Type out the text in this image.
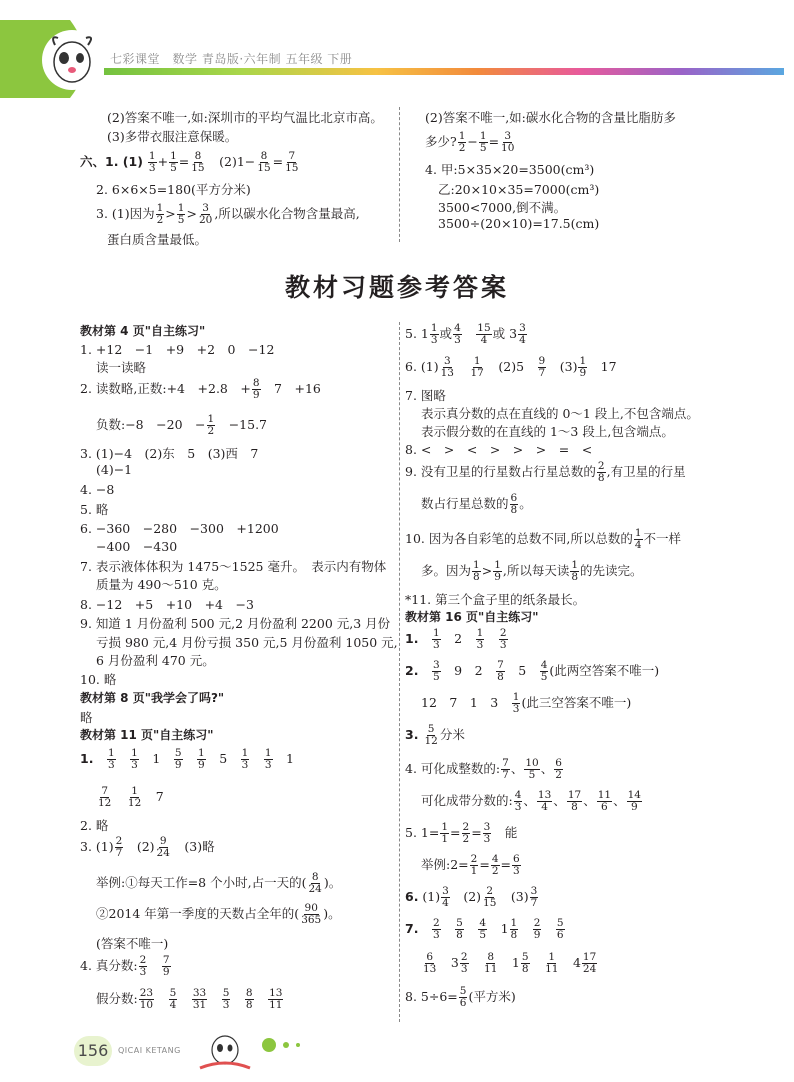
七彩课堂　数学 青岛版·六年制 五年级 下册
(2)答案不唯一,如:深圳市的平均气温比北京市高。
(3)多带衣服注意保暖。
六、1. $(1) \frac{1}{3} + \frac{1}{5} = \frac{8}{15}$ 　$(2)1- \frac{8}{15} = \frac{7}{15}$
2. 6×6×5=180(平方分米)
3. (1)因为 $\frac{1}{2} > \frac{1}{5} > \frac{3}{20}$ ,所以碳水化合物含量最高,
蛋白质含量最低。
(2)答案不唯一,如:碳水化合物的含量比脂肪多
多少? $\frac{1}{2} - \frac{1}{5} = \frac{3}{10}$
4. 甲:5×35×20=3500(cm³)
乙:20×10×35=7000(cm³)
3500<7000,倒不满。
3500÷(20×10)=17.5(cm)
教材习题参考答案
教材第 4 页"自主练习"
1. +12　−1　+9　+2　0　−12
读一读略
2. 读数略,正数:+4　+2.8　+ $\frac{8}{9}$
　 7　+16
负数:−8　−20　− $\frac{1}{2}$
　 −15.7
3. (1)−4　(2)东　5　(3)西　7
(4)−1
4. −8
5. 略
6. −360　−280　−300　+1200
−400　−430
7. 表示液体体积为 1475～1525 毫升。　表示内有物体
质量为 490～510 克。
8. −12　+5　+10　+4　−3
9. 知道 1 月份盈利 500 元,2 月份盈利 2200 元,3 月份
亏损 980 元,4 月份亏损 350 元,5 月份盈利 1050 元,
6 月份盈利 470 元。
10. 略
教材第 8 页"我学会了吗?"
略
教材第 11 页"自主练习"
1.　 $\frac{1}{3}$
　 $\frac{1}{3}$ 　1　 $\frac{5}{9}$
　 $\frac{1}{9}$ 　5　 $\frac{1}{3}$
　 $\frac{1}{3}$ 　1
$\frac{7}{12}$
　 $\frac{1}{12}$ 　7
2. 略
3. $(1) \frac{2}{7}$
　 $(2) \frac{9}{24}$
　 (3)略
举例:①每天工作=8 个小时,占一天的( $\frac{8}{24}$ )。
②2014 年第一季度的天数占全年的( $\frac{90}{365}$ )。
(答案不唯一)
4. 真分数: $\frac{2}{3}$
　 $\frac{7}{9}$
假分数: $\frac{23}{10}$
　 $\frac{5}{4}$
　 $\frac{33}{31}$
　 $\frac{5}{3}$
　 $\frac{8}{8}$
　 $\frac{13}{11}$
5. $1 \frac{1}{3}$ 或 $\frac{4}{3}$
　 $\frac{15}{4}$ 或 $3 \frac{3}{4}$
6. $(1) \frac{3}{13}$
　 $\frac{1}{17}$ 　(2)5　 $\frac{9}{7}$ 　$(3) \frac{1}{9}$ 　17
7. 图略
表示真分数的点在直线的 0～1 段上,不包含端点。
表示假分数的在直线的 1～3 段上,包含端点。
8. <　>　<　>　>　>　=　<
9. 没有卫星的行星数占行星总数的 $\frac{2}{8}$ ,有卫星的行星
数占行星总数的 $\frac{6}{8}$ 。
10. 因为各自彩笔的总数不同,所以总数的 $\frac{1}{4}$ 不一样
多。因为 $\frac{1}{8} > \frac{1}{9}$ ,所以每天读 $\frac{1}{8}$ 的先读完。
*11. 第三个盒子里的纸条最长。
教材第 16 页"自主练习"
1.　 $\frac{1}{3}$ 　2　 $\frac{1}{3}$
　 $\frac{2}{3}$
2.　 $\frac{3}{5}$ 　9　2　 $\frac{7}{8}$ 　5　 $\frac{4}{5}$ (此两空答案不唯一)
12　7　1　3　 $\frac{1}{3}$ (此三空答案不唯一)
3. $\frac{5}{12}$ 分米
4. 可化成整数的: $\frac{7}{7}$ 、 $\frac{10}{5}$ 、 $\frac{6}{2}$
可化成带分数的: $\frac{4}{3}$ 、 $\frac{13}{4}$ 、 $\frac{17}{8}$ 、 $\frac{11}{6}$ 、 $\frac{14}{9}$
5. $1= \frac{1}{1} = \frac{2}{2} = \frac{3}{3}$
　 能
举例:2= $\frac{2}{1} = \frac{4}{2} = \frac{6}{3}$
6. $(1) \frac{3}{4}$ 　$(2) \frac{2}{15}$ 　$(3) \frac{3}{7}$
7.　 $\frac{2}{3}$
　 $\frac{5}{8}$
　 $\frac{4}{5}$ 　$1 \frac{1}{8}$
　 $\frac{2}{9}$
　 $\frac{5}{6}$
$\frac{6}{13}$ 　$3 \frac{2}{3}$
　 $\frac{8}{11}$ 　$1 \frac{5}{8}$
　 $\frac{1}{11}$ 　$4 \frac{17}{24}$
8. $5\div 6= \frac{5}{6}$ (平方米)
156	QICAI KETANG
